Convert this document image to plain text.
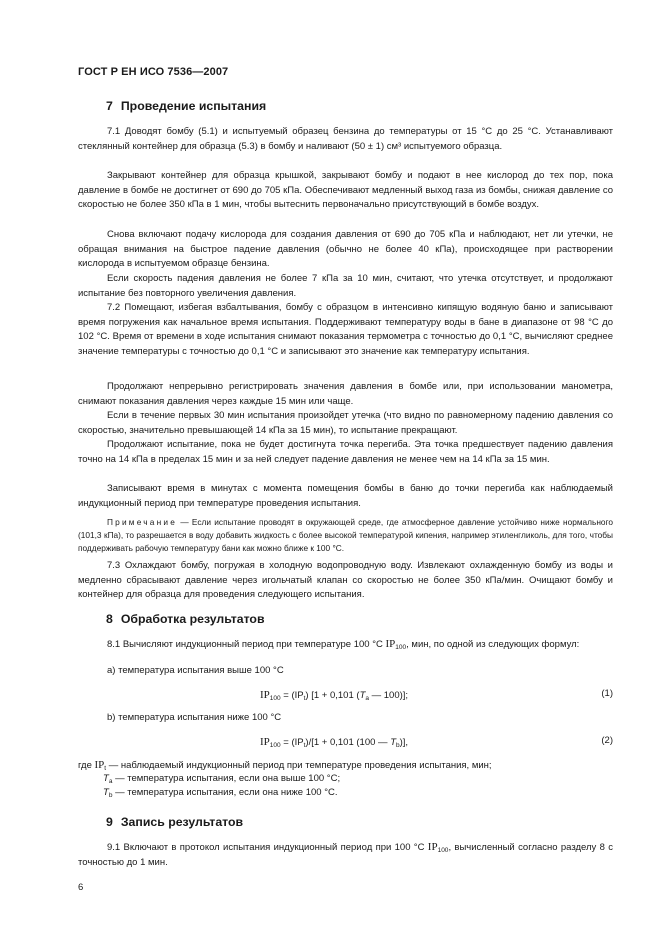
ГОСТ Р ЕН ИСО 7536—2007
7 Проведение испытания
7.1 Доводят бомбу (5.1) и испытуемый образец бензина до температуры от 15 °С до 25 °С. Устанавливают стеклянный контейнер для образца (5.3) в бомбу и наливают (50 ± 1) см³ испытуемого образца.
Закрывают контейнер для образца крышкой, закрывают бомбу и подают в нее кислород до тех пор, пока давление в бомбе не достигнет от 690 до 705 кПа. Обеспечивают медленный выход газа из бомбы, снижая давление со скоростью не более 350 кПа в 1 мин, чтобы вытеснить первоначально присутствующий в бомбе воздух.
Снова включают подачу кислорода для создания давления от 690 до 705 кПа и наблюдают, нет ли утечки, не обращая внимания на быстрое падение давления (обычно не более 40 кПа), происходящее при растворении кислорода в испытуемом образце бензина.
Если скорость падения давления не более 7 кПа за 10 мин, считают, что утечка отсутствует, и продолжают испытание без повторного увеличения давления.
7.2 Помещают, избегая взбалтывания, бомбу с образцом в интенсивно кипящую водяную баню и записывают время погружения как начальное время испытания. Поддерживают температуру воды в бане в диапазоне от 98 °С до 102 °С. Время от времени в ходе испытания снимают показания термометра с точностью до 0,1 °С, вычисляют среднее значение температуры с точностью до 0,1 °С и записывают это значение как температуру испытания.
Продолжают непрерывно регистрировать значения давления в бомбе или, при использовании манометра, снимают показания давления через каждые 15 мин или чаще.
Если в течение первых 30 мин испытания произойдет утечка (что видно по равномерному падению давления со скоростью, значительно превышающей 14 кПа за 15 мин), то испытание прекращают.
Продолжают испытание, пока не будет достигнута точка перегиба. Эта точка предшествует падению давления точно на 14 кПа в пределах 15 мин и за ней следует падение давления не менее чем на 14 кПа за 15 мин.
Записывают время в минутах с момента помещения бомбы в баню до точки перегиба как наблюдаемый индукционный период при температуре проведения испытания.
Примечание — Если испытание проводят в окружающей среде, где атмосферное давление устойчиво ниже нормального (101,3 кПа), то разрешается в воду добавить жидкость с более высокой температурой кипения, например этиленгликоль, для того, чтобы поддерживать рабочую температуру бани как можно ближе к 100 °С.
7.3 Охлаждают бомбу, погружая в холодную водопроводную воду. Извлекают охлажденную бомбу из воды и медленно сбрасывают давление через игольчатый клапан со скоростью не более 350 кПа/мин. Очищают бомбу и контейнер для образца для проведения следующего испытания.
8 Обработка результатов
8.1 Вычисляют индукционный период при температуре 100 °С $IP_{100}$, мин, по одной из следующих формул:
а) температура испытания выше 100 °С
$IP_{100} = (IP_t) [1 + 0,101$ ($T_a$ — 100)];	(1)
b) температура испытания ниже 100 °С
$IP_{100} = (IP_t)/[1 + 0,101$ (100 — $T_b$)],	(2)
где $IP_t$ — наблюдаемый индукционный период при температуре проведения испытания, мин;
$T_a$ — температура испытания, если она выше 100 °С;
$T_b$ — температура испытания, если она ниже 100 °С.
9 Запись результатов
9.1 Включают в протокол испытания индукционный период при 100 °С $IP_{100}$, вычисленный согласно разделу 8 с точностью до 1 мин.
6
